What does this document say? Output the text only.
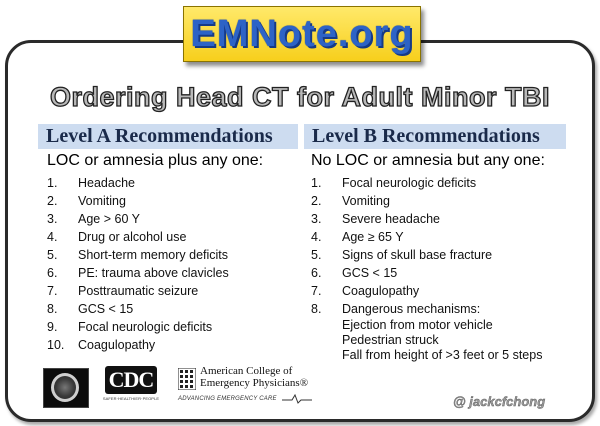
EMNote.org
Ordering Head CT for Adult Minor TBI
Level A Recommendations	Level B Recommendations
LOC or amnesia plus any one:	No LOC or amnesia but any one:
1. Headache
2. Vomiting
3. Age > 60 Y
4. Drug or alcohol use
5. Short-term memory deficits
6. PE: trauma above clavicles
7. Posttraumatic seizure
8. GCS < 15
9. Focal neurologic deficits
10. Coagulopathy
1. Focal neurologic deficits
2. Vomiting
3. Severe headache
4. Age ≥ 65 Y
5. Signs of skull base fracture
6. GCS < 15
7. Coagulopathy
8. Dangerous mechanisms:
Ejection from motor vehicle
Pedestrian struck
Fall from height of >3 feet or 5 steps
CDC
SAFER·HEALTHIER·PEOPLE
American College of
Emergency Physicians®
ADVANCING EMERGENCY CARE	@ jackcfchong
